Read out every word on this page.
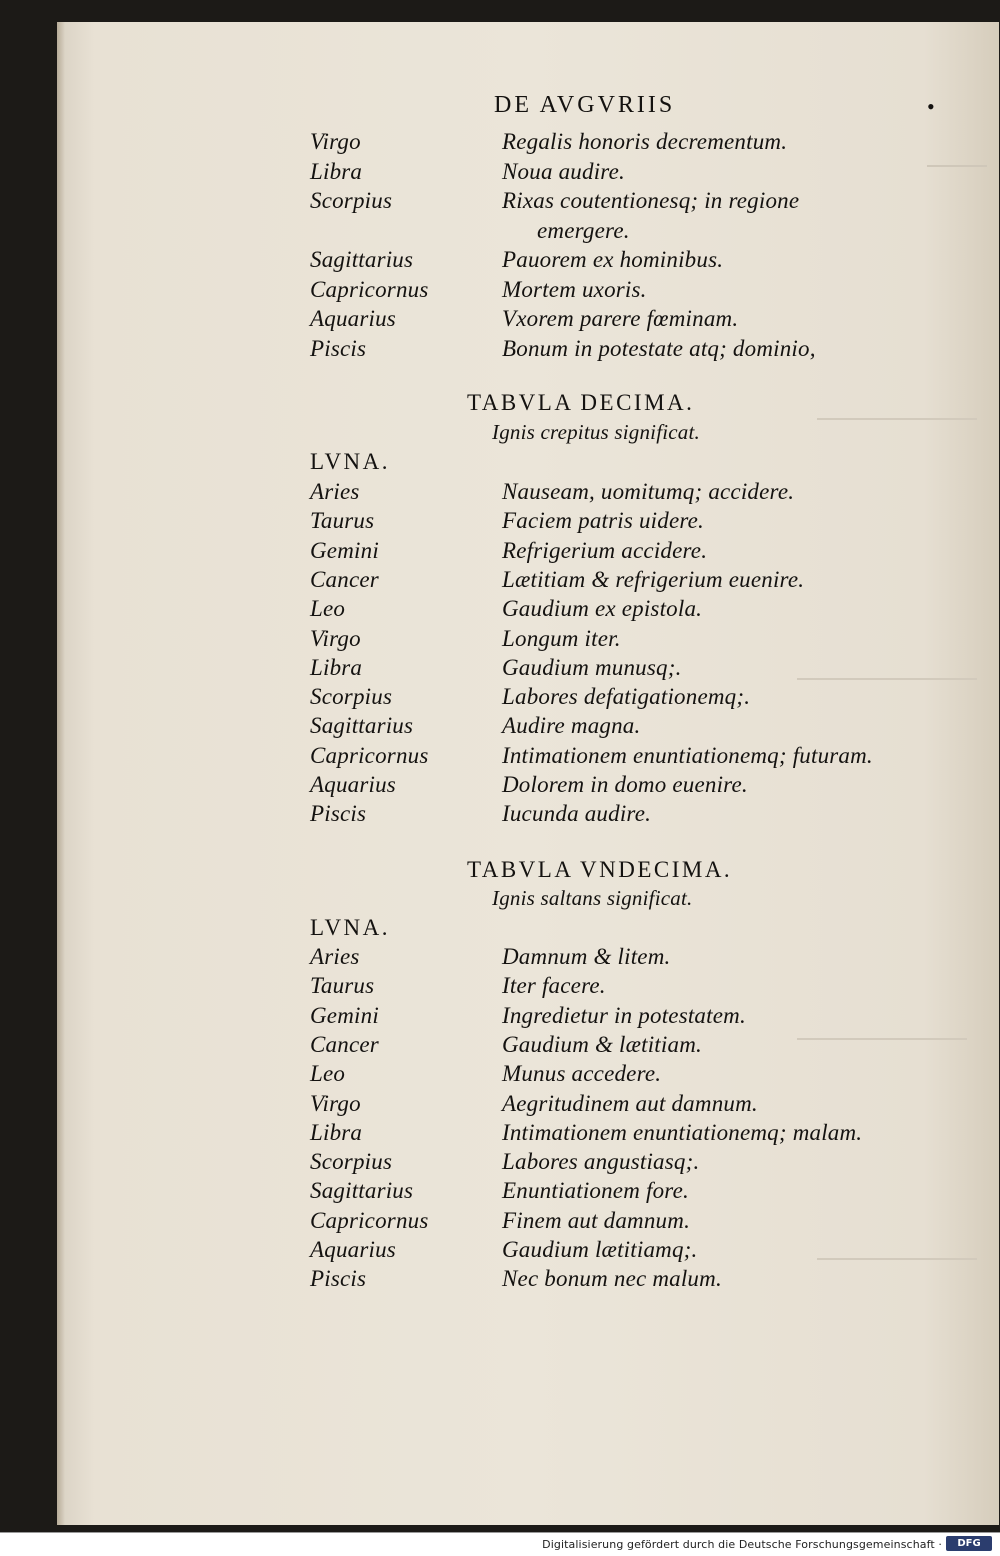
DE AVGVRIIS
Virgo	Regalis honoris decrementum.
Libra	Noua audire.
Scorpius	Rixas coutentionesq; in regione
emergere.
Sagittarius	Pauorem ex hominibus.
Capricornus	Mortem uxoris.
Aquarius	Vxorem parere fœminam.
Piscis	Bonum in potestate atq; dominio,
TABVLA DECIMA.
Ignis crepitus significat.
LVNA.
Aries	Nauseam, uomitumq; accidere.
Taurus	Faciem patris uidere.
Gemini	Refrigerium accidere.
Cancer	Lætitiam & refrigerium euenire.
Leo	Gaudium ex epistola.
Virgo	Longum iter.
Libra	Gaudium munusq;.
Scorpius	Labores defatigationemq;.
Sagittarius	Audire magna.
Capricornus	Intimationem enuntiationemq; futuram.
Aquarius	Dolorem in domo euenire.
Piscis	Iucunda audire.
TABVLA VNDECIMA.
Ignis saltans significat.
LVNA.
Aries	Damnum & litem.
Taurus	Iter facere.
Gemini	Ingredietur in potestatem.
Cancer	Gaudium & lætitiam.
Leo	Munus accedere.
Virgo	Aegritudinem aut damnum.
Libra	Intimationem enuntiationemq; malam.
Scorpius	Labores angustiasq;.
Sagittarius	Enuntiationem fore.
Capricornus	Finem aut damnum.
Aquarius	Gaudium lætitiamq;.
Piscis	Nec bonum nec malum.
•
Digitalisierung gefördert durch die Deutsche Forschungsgemeinschaft ·	DFG
